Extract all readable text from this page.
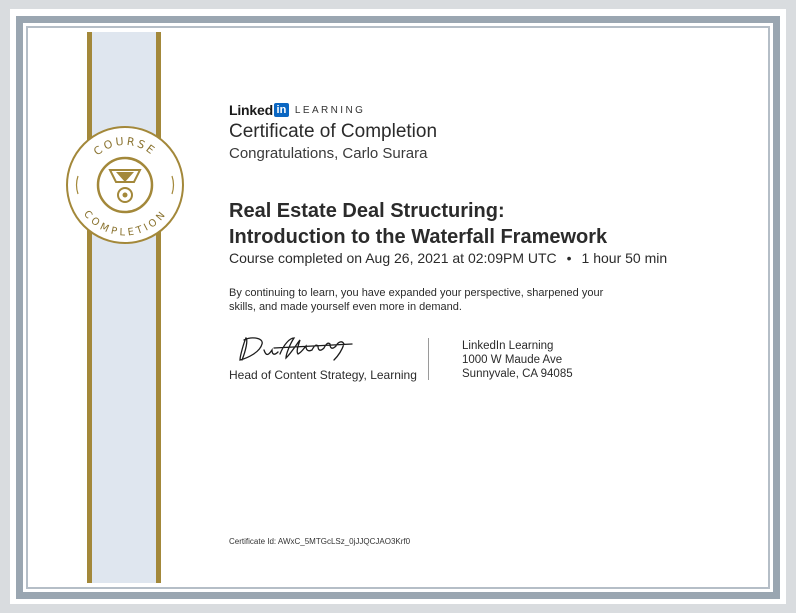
COURSE
COMPLETION
Linked in LEARNING
Certificate of Completion
Congratulations, Carlo Surara
Real Estate Deal Structuring:
Introduction to the Waterfall Framework
Course completed on Aug 26, 2021 at 02:09PM UTC • 1 hour 50 min
By continuing to learn, you have expanded your perspective, sharpened your
skills, and made yourself even more in demand.
Head of Content Strategy, Learning
LinkedIn Learning
1000 W Maude Ave
Sunnyvale, CA 94085
Certificate Id: AWxC_5MTGcLSz_0jJJQCJAO3Krf0
